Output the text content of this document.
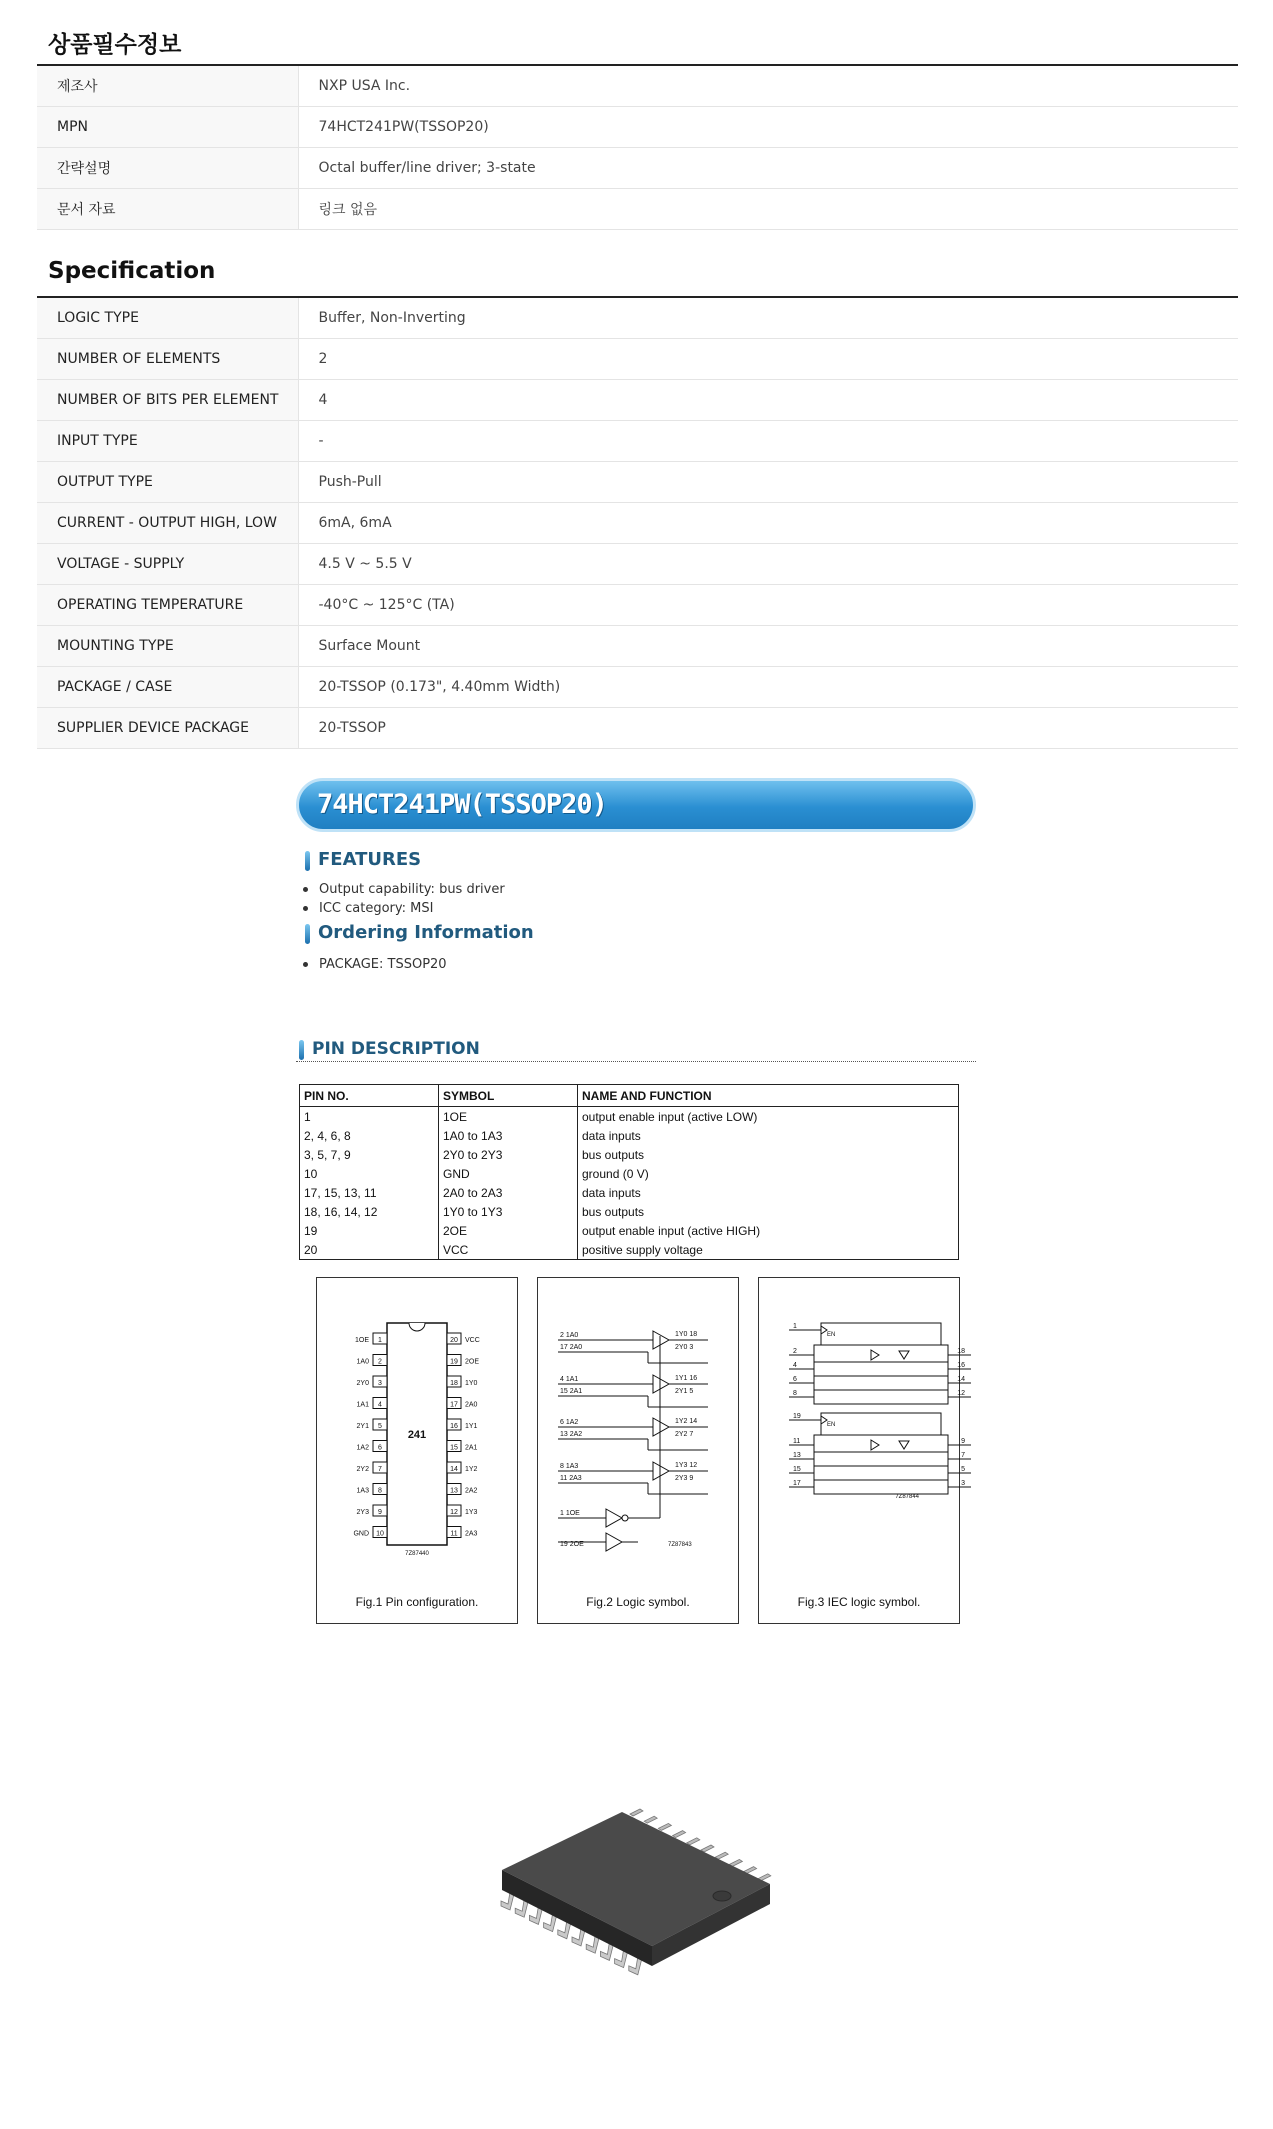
상품필수정보
제조사	NXP USA Inc.
MPN	74HCT241PW(TSSOP20)
간략설명	Octal buffer/line driver; 3-state
문서 자료	링크 없음
Specification
LOGIC TYPE	Buffer, Non-Inverting
NUMBER OF ELEMENTS	2
NUMBER OF BITS PER ELEMENT	4
INPUT TYPE	-
OUTPUT TYPE	Push-Pull
CURRENT - OUTPUT HIGH, LOW	6mA, 6mA
VOLTAGE - SUPPLY	4.5 V ~ 5.5 V
OPERATING TEMPERATURE	-40°C ~ 125°C (TA)
MOUNTING TYPE	Surface Mount
PACKAGE / CASE	20-TSSOP (0.173", 4.40mm Width)
SUPPLIER DEVICE PACKAGE	20-TSSOP
74HCT241PW(TSSOP20)
FEATURES
Output capability: bus driver
ICC category: MSI
Ordering Information
PACKAGE: TSSOP20
PIN DESCRIPTION
PIN NO.	SYMBOL	NAME AND FUNCTION
1	1OE	output enable input (active LOW)
2, 4, 6, 8	1A0 to 1A3	data inputs
3, 5, 7, 9	2Y0 to 2Y3	bus outputs
10	GND	ground (0 V)
17, 15, 13, 11	2A0 to 2A3	data inputs
18, 16, 14, 12	1Y0 to 1Y3	bus outputs
19	2OE	output enable input (active HIGH)
20	VCC	positive supply voltage
241
1
1OE
2
1A0
3
2Y0
4
1A1
5
2Y1
6
1A2
7
2Y2
8
1A3
9
2Y3
10
GND
20 VCC
19 2OE
18 1Y0
17 2A0
16 1Y1
15 2A1
14 1Y2
13 2A2
12 1Y3
11 2A3
7Z87440
Fig.1 Pin configuration.
2 1A0
17 2A0
1Y0 18
2Y0 3
4 1A1
15 2A1
1Y1 16
2Y1 5
6 1A2
13 2A2
1Y2 14
2Y2 7
8 1A3
11 2A3
1Y3 12
2Y3 9
1 1OE
19 2OE	7Z87843
Fig.2 Logic symbol.
EN
1
2	18
4	16
6	14
8	12
EN
19
11	9
13	7
15	5
17	3
7Z87844
Fig.3 IEC logic symbol.
